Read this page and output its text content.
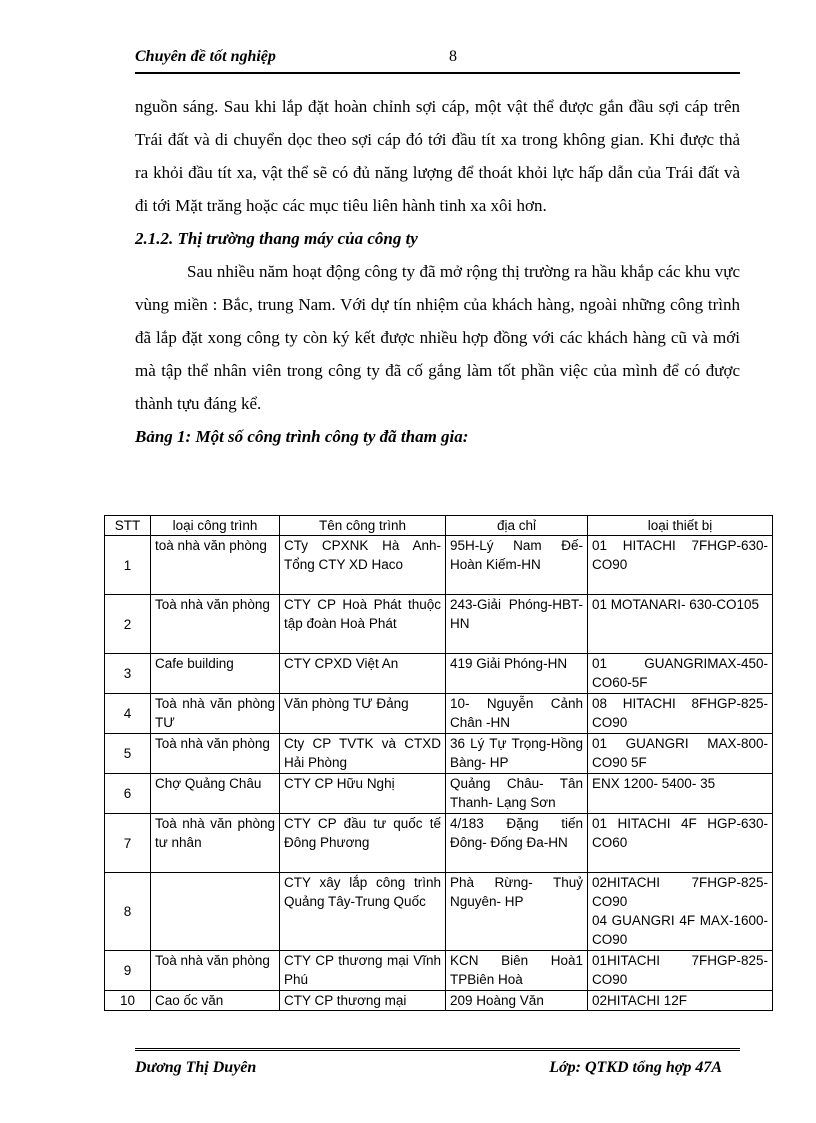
Chuyên đề tốt nghiệp	8

nguồn sáng. Sau khi lắp đặt hoàn chỉnh sợi cáp, một vật thể được gắn đầu sợi cáp trên Trái đất và di chuyển dọc theo sợi cáp đó tới đầu tít xa trong không gian. Khi được thả ra khỏi đầu tít xa, vật thể sẽ có đủ năng lượng để thoát khỏi lực hấp dẫn của Trái đất và đi tới Mặt trăng hoặc các mục tiêu liên hành tinh xa xôi hơn.

2.1.2. Thị trường thang máy của công ty

Sau nhiều năm hoạt động công ty đã mở rộng thị trường ra hầu khắp các khu vực vùng miền : Bắc, trung Nam. Với dự tín nhiệm của khách hàng, ngoài những công trình đã lắp đặt xong công ty còn ký kết được nhiều hợp đồng với các khách hàng cũ và mới mà tập thể nhân viên trong công ty đã cố gắng làm tốt phần việc của mình để có được thành tựu đáng kể.

Bảng 1: Một số công trình công ty đã tham gia:

STT	loại công trình	Tên công trình	địa chỉ	loại thiết bị
1	toà nhà văn phòng	CTy CPXNK Hà Anh-Tổng CTY XD Haco	95H-Lý Nam Đế-Hoàn Kiếm-HN	01 HITACHI 7FHGP-630-CO90
2	Toà nhà văn phòng	CTY CP Hoà Phát thuộc tập đoàn Hoà Phát	243-Giải Phóng-HBT- HN	01 MOTANARI- 630-CO105
3	Cafe building	CTY CPXD Việt An	419 Giải Phóng-HN	01 GUANGRIMAX-450-CO60-5F
4	Toà nhà văn phòng TƯ	Văn phòng TƯ Đảng	10- Nguyễn Cảnh Chân -HN	08 HITACHI 8FHGP-825- CO90
5	Toà nhà văn phòng	Cty CP TVTK và CTXD Hải Phòng	36 Lý Tự Trọng-Hồng Bàng- HP	01 GUANGRI MAX-800-CO90 5F
6	Chợ Quảng Châu	CTY CP Hữu Nghị	Quảng Châu- Tân Thanh- Lạng Sơn	ENX 1200- 5400- 35
7	Toà nhà văn phòng tư nhân	CTY CP đầu tư quốc tế Đông Phương	4/183 Đặng tiến Đông- Đống Đa-HN	01 HITACHI 4F HGP-630- CO60
8		CTY xây lắp công trình Quảng Tây-Trung Quốc	Phà Rừng- Thuỷ Nguyên- HP	02HITACHI 7FHGP-825- CO90
04 GUANGRI 4F MAX-1600-CO90

9	Toà nhà văn phòng	CTY CP thương mại Vĩnh Phú	KCN Biên Hoà1 TPBiên Hoà	01HITACHI 7FHGP-825- CO90
10	Cao ốc văn	CTY CP thương mại	209 Hoàng Văn	02HITACHI 12F
Dương Thị Duyên	Lớp: QTKD tổng hợp 47A
